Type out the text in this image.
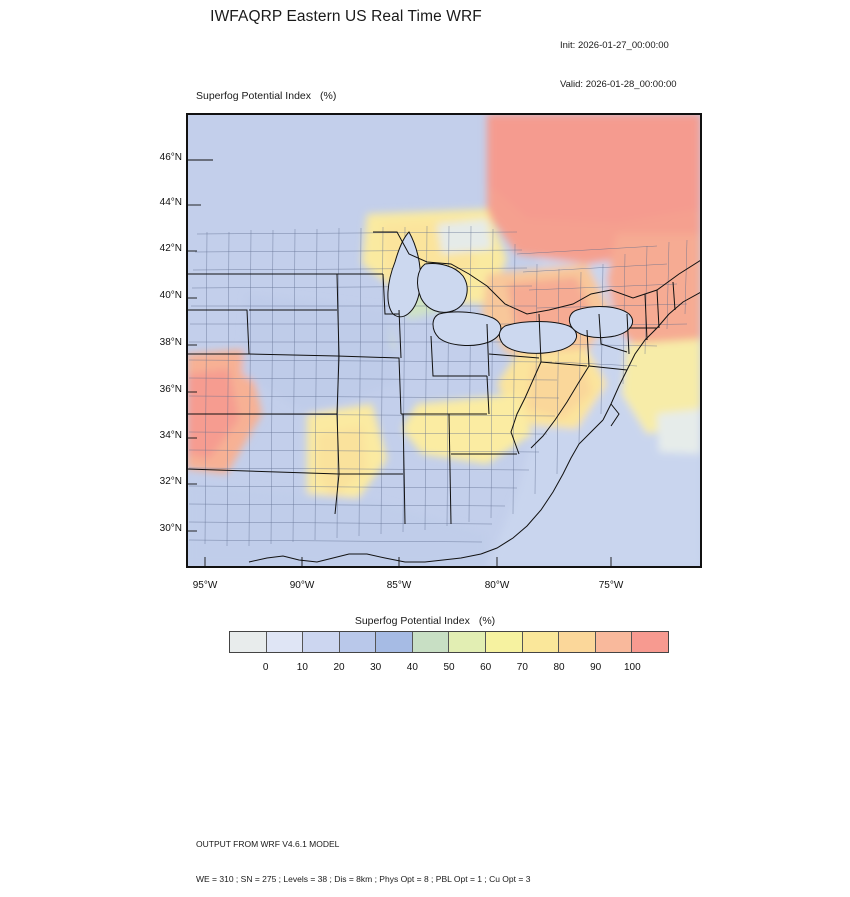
IWFAQRP Eastern US Real Time WRF

Init: 2026-01-27_00:00:00

Valid: 2026-01-28_00:00:00

Superfog Potential Index (%)
46°N
44°N
42°N
40°N
38°N
36°N
34°N
32°N
30°N
95°W	90°W	85°W	80°W	75°W
Superfog Potential Index (%)
0	10	20	30	40	50	60	70	80	90 100

OUTPUT FROM WRF V4.6.1 MODEL

WE = 310 ; SN = 275 ; Levels = 38 ; Dis = 8km ; Phys Opt = 8 ; PBL Opt = 1 ; Cu Opt = 3
